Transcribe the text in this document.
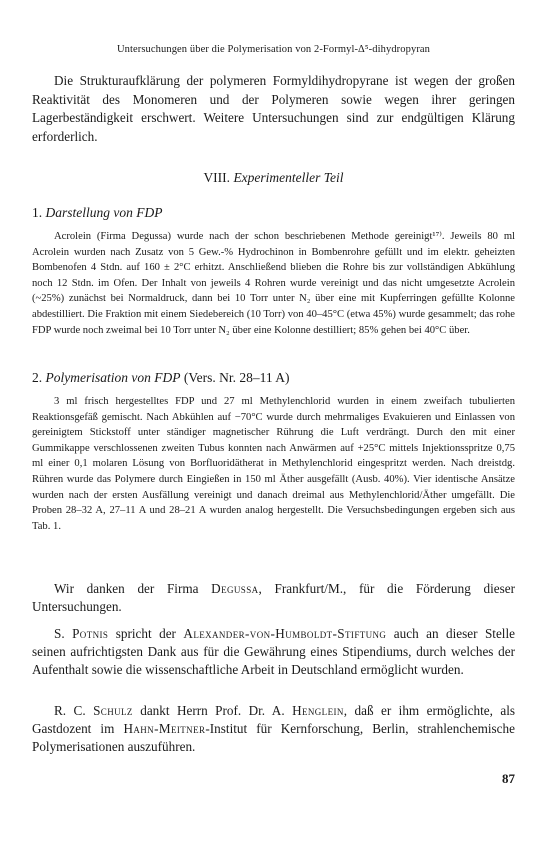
Untersuchungen über die Polymerisation von 2-Formyl-Δ⁵-dihydropyran
Die Strukturaufklärung der polymeren Formyldihydropyrane ist wegen der großen Reaktivität des Monomeren und der Polymeren sowie wegen ihrer geringen Lagerbeständigkeit erschwert. Weitere Untersuchungen sind zur endgültigen Klärung erforderlich.
VIII. Experimenteller Teil
1. Darstellung von FDP
Acrolein (Firma Degussa) wurde nach der schon beschriebenen Methode gereinigt¹⁷⁾. Jeweils 80 ml Acrolein wurden nach Zusatz von 5 Gew.-% Hydrochinon in Bombenrohre gefüllt und im elektr. geheizten Bombenofen 4 Stdn. auf 160 ± 2°C erhitzt. Anschließend blieben die Rohre bis zur vollständigen Abkühlung noch 12 Stdn. im Ofen. Der Inhalt von jeweils 4 Rohren wurde vereinigt und das nicht umgesetzte Acrolein (~25%) zunächst bei Normaldruck, dann bei 10 Torr unter N₂ über eine mit Kupferringen gefüllte Kolonne abdestilliert. Die Fraktion mit einem Siedebereich (10 Torr) von 40–45°C (etwa 45%) wurde gesammelt; das rohe FDP wurde noch zweimal bei 10 Torr unter N₂ über eine Kolonne destilliert; 85% gehen bei 40°C über.
2. Polymerisation von FDP (Vers. Nr. 28–11 A)
3 ml frisch hergestelltes FDP und 27 ml Methylenchlorid wurden in einem zweifach tubulierten Reaktionsgefäß gemischt. Nach Abkühlen auf −70°C wurde durch mehrmaliges Evakuieren und Einlassen von gereinigtem Stickstoff unter ständiger magnetischer Rührung die Luft verdrängt. Durch den mit einer Gummikappe verschlossenen zweiten Tubus konnten nach Anwärmen auf +25°C mittels Injektionsspritze 0,75 ml einer 0,1 molaren Lösung von Borfluoridätherat in Methylenchlorid eingespritzt werden. Nach dreistdg. Rühren wurde das Polymere durch Eingießen in 150 ml Äther ausgefällt (Ausb. 40%). Vier identische Ansätze wurden nach der ersten Ausfällung vereinigt und danach dreimal aus Methylenchlorid/Äther umgefällt. Die Proben 28–32 A, 27–11 A und 28–21 A wurden analog hergestellt. Die Versuchsbedingungen ergeben sich aus Tab. 1.
Wir danken der Firma Degussa, Frankfurt/M., für die Förderung dieser Untersuchungen.
S. Potnis spricht der Alexander-von-Humboldt-Stiftung auch an dieser Stelle seinen aufrichtigsten Dank aus für die Gewährung eines Stipendiums, durch welches der Aufenthalt sowie die wissenschaftliche Arbeit in Deutschland ermöglicht wurden.
R. C. Schulz dankt Herrn Prof. Dr. A. Henglein, daß er ihm ermöglichte, als Gastdozent im Hahn-Meitner-Institut für Kernforschung, Berlin, strahlenchemische Polymerisationen auszuführen.
87
